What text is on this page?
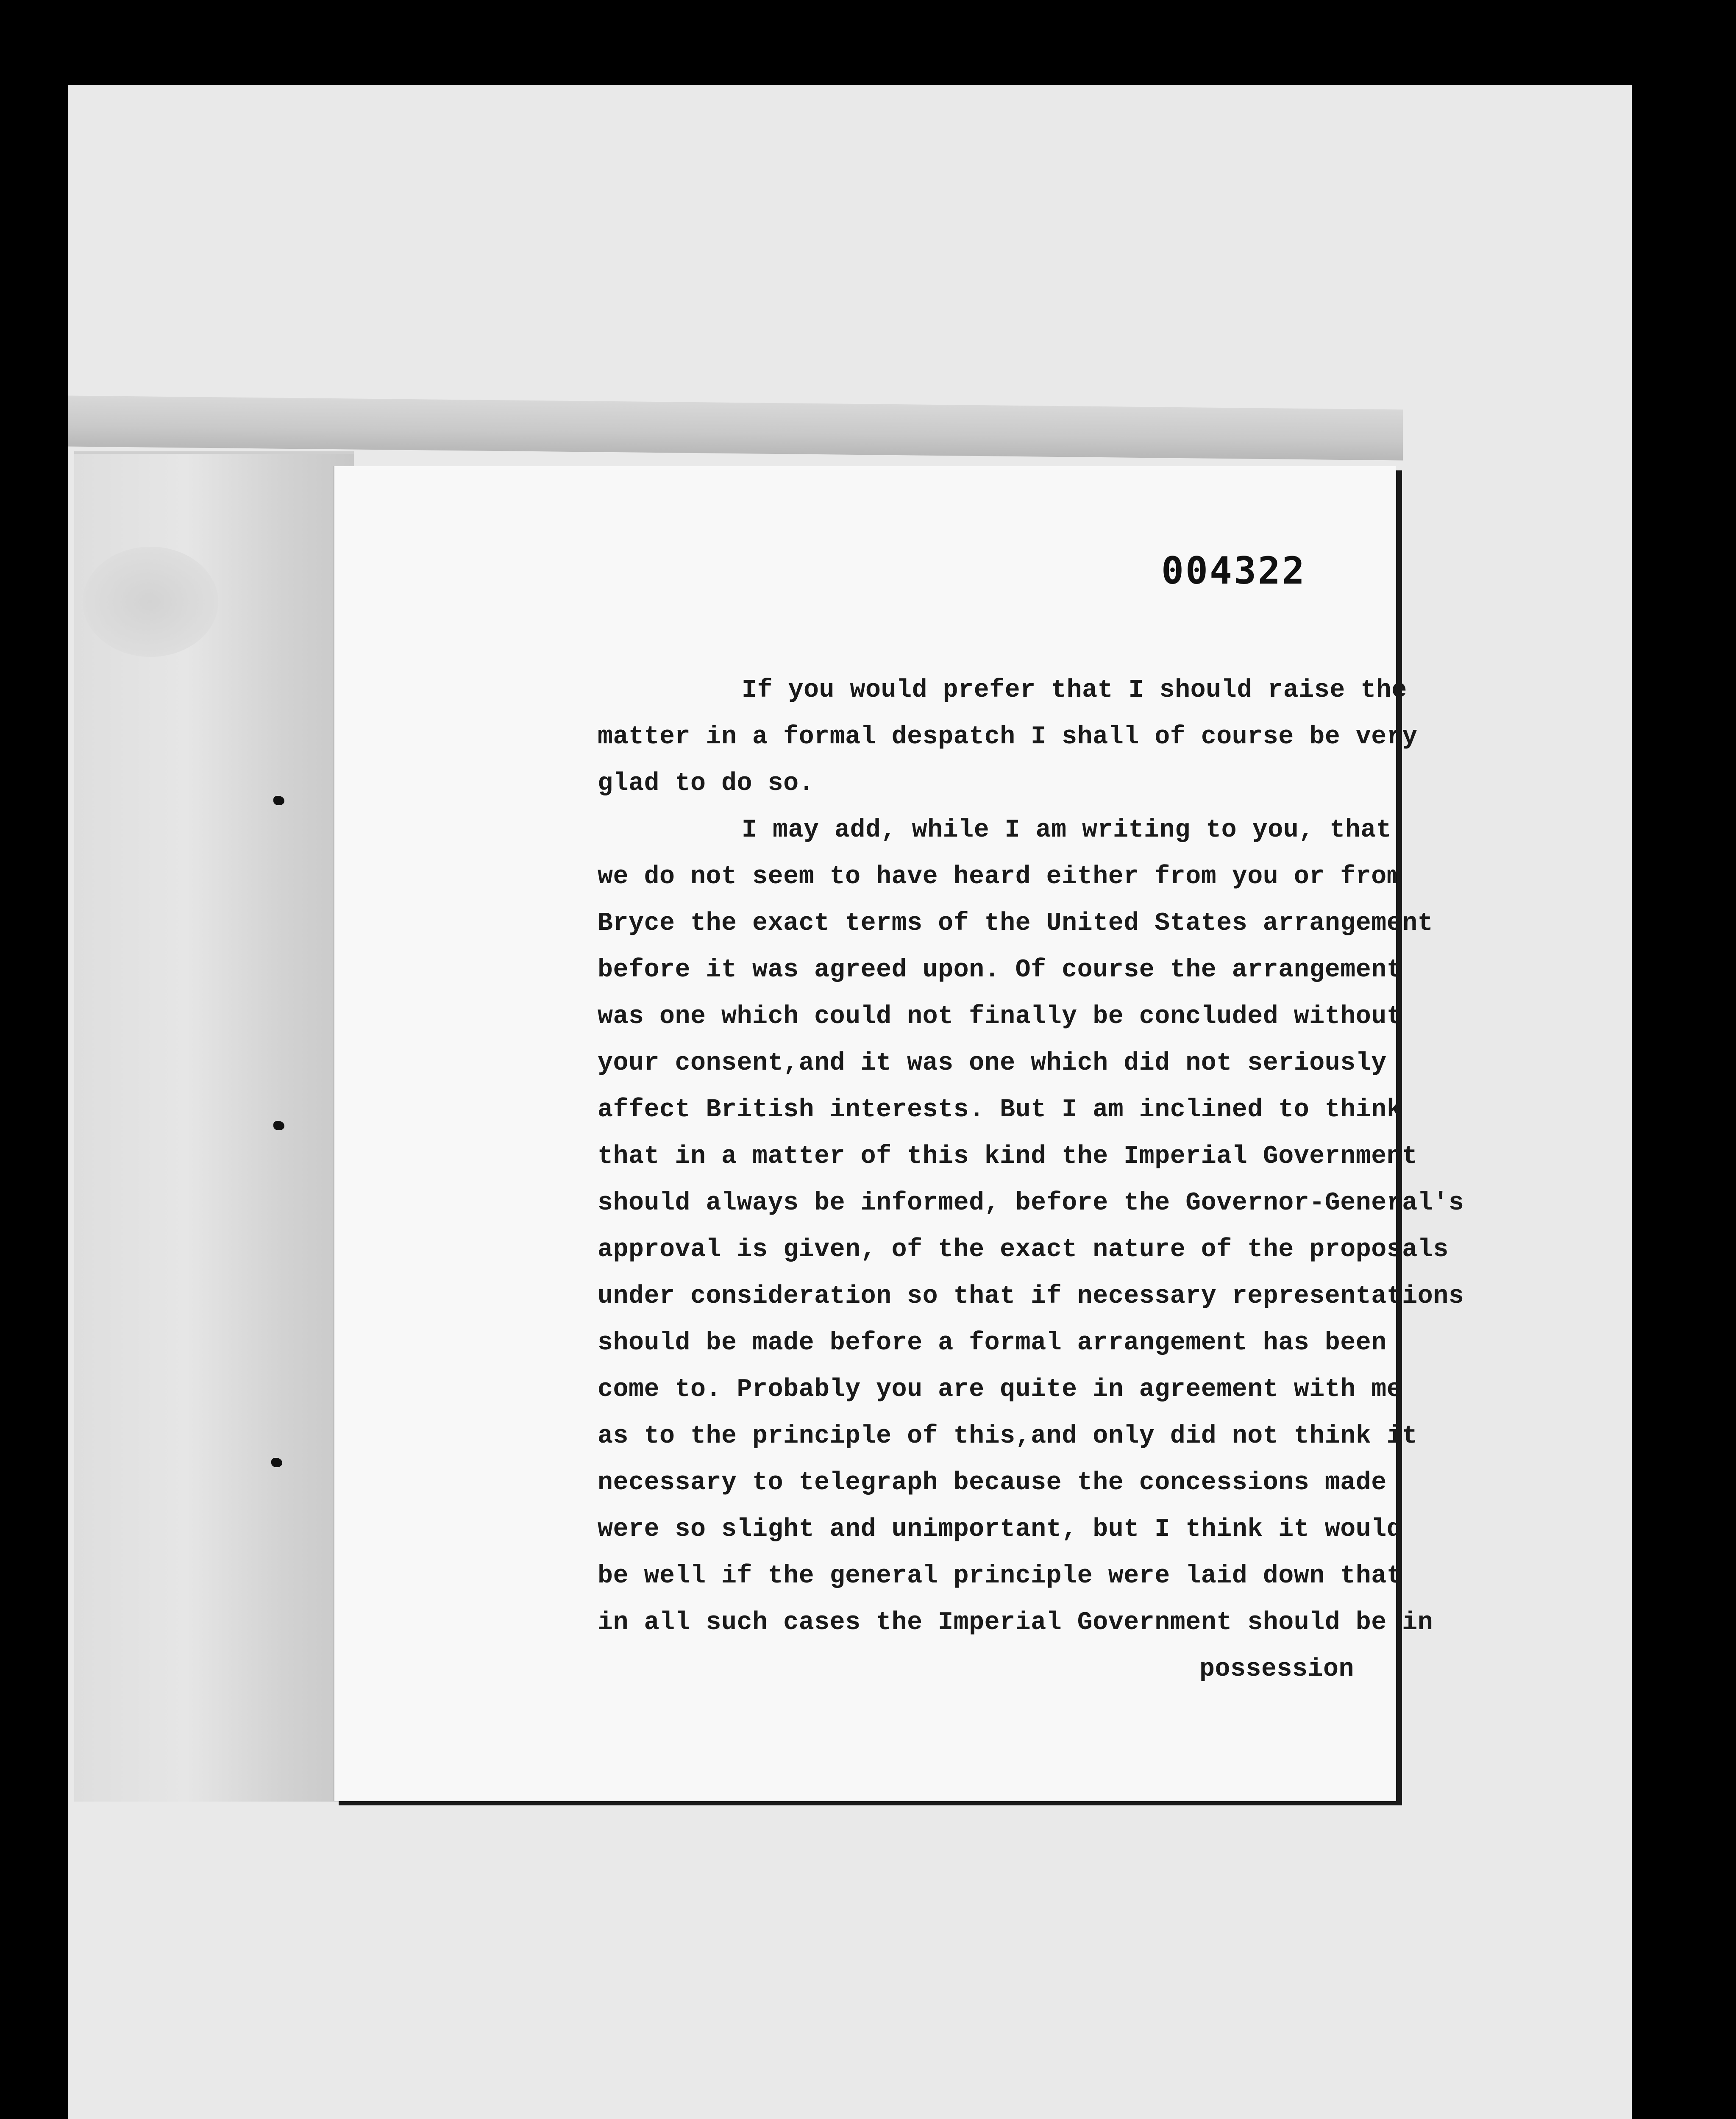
004322
If you would prefer that I should raise the
matter in a formal despatch I shall of course be very
glad to do so.
I may add, while I am writing to you, that
we do not seem to have heard either from you or from
Bryce the exact terms of the United States arrangement
before it was agreed upon. Of course the arrangement
was one which could not finally be concluded without
your consent,and it was one which did not seriously
affect British interests. But I am inclined to think
that in a matter of this kind the Imperial Government
should always be informed, before the Governor-General's
approval is given, of the exact nature of the proposals
under consideration so that if necessary representations
should be made before a formal arrangement has been
come to. Probably you are quite in agreement with me
as to the principle of this,and only did not think it
necessary to telegraph because the concessions made
were so slight and unimportant, but I think it would
be well if the general principle were laid down that
in all such cases the Imperial Government should be in
possession
